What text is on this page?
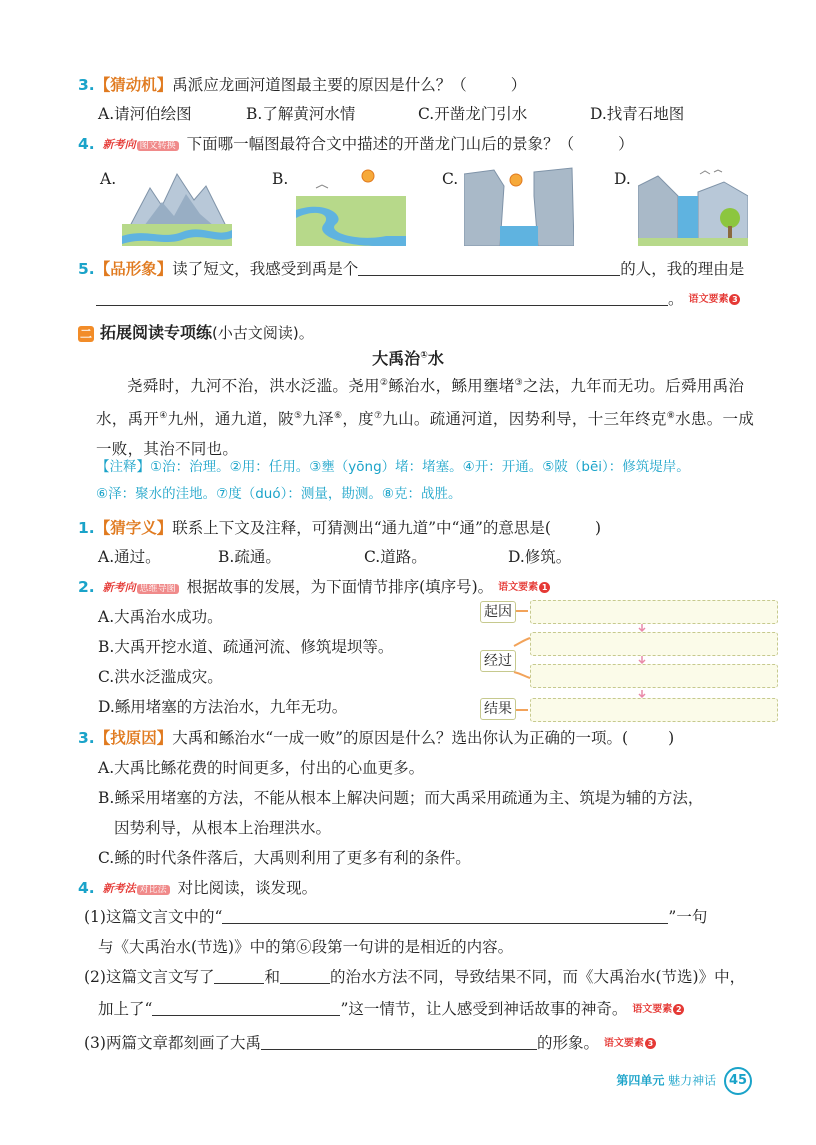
3.【猜动机】禹派应龙画河道图最主要的原因是什么？（	）
A.请河伯绘图	B.了解黄河水情	C.开凿龙门引水	D.找青石地图
4. 新考向 图文转换 下面哪一幅图最符合文中描述的开凿龙门山后的景象？（	）
A.	B.	C.	D.
5.【品形象】读了短文，我感受到禹是个	的人，我的理由是
。 语文要素 3
二 拓展阅读专项练(小古文阅读)。
大禹治①水
尧舜时，九河不治，洪水泛滥。尧用②鲧治水，鲧用壅堵③之法，九年而无功。后舜用禹治水，禹开④九州，通九道，陂⑤九泽⑥，度⑦九山。疏通河道，因势利导，十三年终克⑧水患。一成一败，其治不同也。
【注释】①治：治理。②用：任用。③壅（yōng）堵：堵塞。④开：开通。⑤陂（bēi）：修筑堤岸。
⑥泽：聚水的洼地。⑦度（duó）：测量，勘测。⑧克：战胜。
1.【猜字义】联系上下文及注释，可猜测出“通九道”中“通”的意思是(	)
A.通过。	B.疏通。	C.道路。	D.修筑。
2. 新考向 思维导图 根据故事的发展，为下面情节排序(填序号)。 语文要素 1
A.大禹治水成功。
B.大禹开挖水道、疏通河流、修筑堤坝等。
C.洪水泛滥成灾。
D.鲧用堵塞的方法治水，九年无功。
起因
经过
结果
3.【找原因】大禹和鲧治水“一成一败”的原因是什么？选出你认为正确的一项。(	)
A.大禹比鲧花费的时间更多，付出的心血更多。
B.鲧采用堵塞的方法，不能从根本上解决问题；而大禹采用疏通为主、筑堤为辅的方法，
因势利导，从根本上治理洪水。
C.鲧的时代条件落后，大禹则利用了更多有利的条件。
4. 新考法 对比法 对比阅读，谈发现。
(1)这篇文言文中的“	”一句
与《大禹治水(节选)》中的第⑥段第一句讲的是相近的内容。
(2)这篇文言文写了	和	的治水方法不同，导致结果不同，而《大禹治水(节选)》中，
加上了“	”这一情节，让人感受到神话故事的神奇。 语文要素 2
(3)两篇文章都刻画了大禹	的形象。 语文要素 3
第四单元 魅力神话 45
